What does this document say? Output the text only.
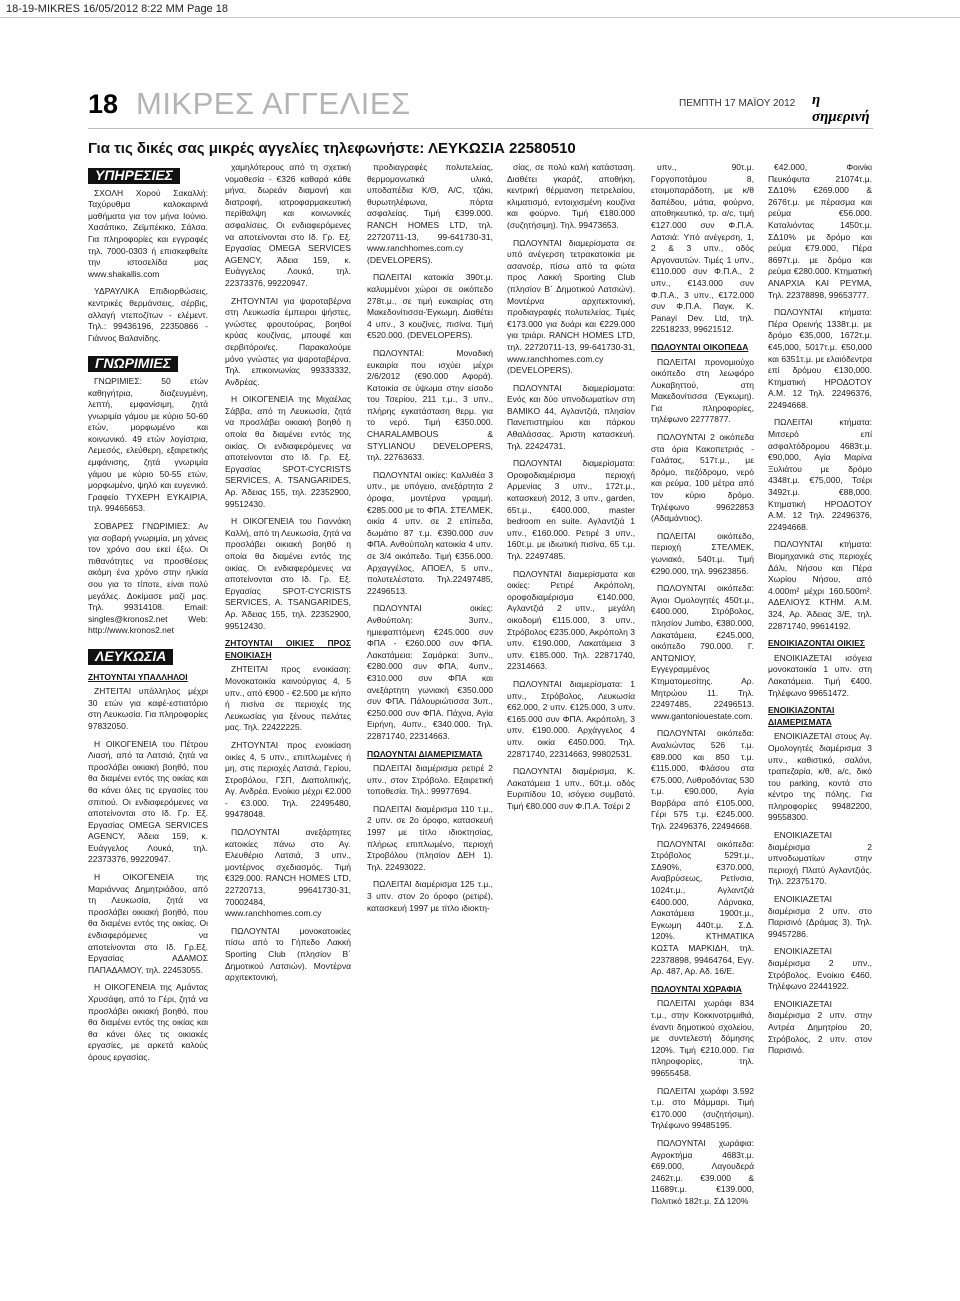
18-19-MIKRES 16/05/2012 8:22 MM Page 18
18 ΜΙΚΡΕΣ ΑΓΓΕΛΙΕΣ	ΠΕΜΠΤΗ 17 ΜΑΪΟΥ 2012 η σημερινή
Για τις δικές σας μικρές αγγελίες τηλεφωνήστε: ΛΕΥΚΩΣΙΑ 22580510
ΥΠΗΡΕΣΙΕΣ

ΣΧΟΛΗ Χορού Σακαλλή: Ταχύρυθμα καλοκαιρινά μαθήματα για τον μήνα Ιούνιο. Χασάπικο, Ζεϊμπέκικο, Σάλσα. Για πληροφορίες και εγγραφές τηλ. 7000-0303 ή επισκεφθείτε την ιστοσελίδα μας www.shakallis.com

ΥΔΡΑΥΛΙΚΑ Επιδιορθώσεις, κεντρικές θερμάνσεις, σέρβις, αλλαγή ντεποζίτων - ελέμεντ. Τηλ.: 99436196, 22350866 - Γιάννος Βαλανίδης.

ΓΝΩΡΙΜΙΕΣ

ΓΝΩΡΙΜΙΕΣ: 50 ετών καθηγήτρια, διαζευγμένη, λεπτή, εμφανίσιμη, ζητά γνωριμία γάμου με κύριο 50-60 ετών, μορφωμένο και κοινωνικό. 49 ετών λογίστρια, Λεμεσός, ελεύθερη, εξαιρετικής εμφάνισης, ζητά γνωριμία γάμου με κύριο 50-55 ετών, μορφωμένο, ψηλό και ευγενικό. Γραφείο ΤΥΧΕΡΗ ΕΥΚΑΙΡΙΑ, τηλ. 99465653.

ΣΟΒΑΡΕΣ ΓΝΩΡΙΜΙΕΣ: Αν για σοβαρή γνωριμία, μη χάνεις τον χρόνο σου εκεί έξω. Οι πιθανότητες να προσθέσεις ακόμη ένα χρόνο στην ηλικία σου για το τίποτε, είναι πολύ μεγάλες. Δοκίμασε μαζί μας. Τηλ. 99314108. Email: singles@kronos2.net Web: http://www.kronos2.net

ΛΕΥΚΩΣΙΑ
ΖΗΤΟΥΝΤΑΙ ΥΠΑΛΛΗΛΟΙ

ΖΗΤΕΙΤΑΙ υπάλληλος μέχρι 30 ετών για καφέ-εστιατόριο στη Λευκωσία. Για πληροφορίες 97832050.

Η ΟΙΚΟΓΕΝΕΙΑ του Πέτρου Λιασή, από τα Λατσιά, ζητά να προσλάβει οικιακή βοηθό, που θα διαμένει εντός της οικίας και θα κάνει όλες τις εργασίες του σπιτιού. Οι ενδιαφερόμενες να αποτείνονται στο Ιδ. Γρ. Εξ. Εργασίας OMEGA SERVICES AGENCY, Άδεια 159, κ. Ευάγγελος Λουκά, τηλ. 22373376, 99220947.

Η ΟΙΚΟΓΕΝΕΙΑ της Μαριάννας Δημητριάδου, από τη Λευκωσία, ζητά να προσλάβει οικιακή βοηθό, που θα διαμένει εντός της οικίας. Οι ενδιαφερόμενες να αποτείνονται στο Ιδ. Γρ.Εξ. Εργασίας ΑΔΑΜΟΣ ΠΑΠΑΔΑΜΟΥ, τηλ. 22453055.

Η ΟΙΚΟΓΕΝΕΙΑ της Αμάντας Χρυσάφη, από το Γέρι, ζητά να προσλάβει οικιακή βοηθό, που θα διαμένει εντός της οικίας και θα κάνει όλες τις οικιακές εργασίες, με αρκετά καλούς όρους εργασίας.

χαμηλότερους από τη σχετική νομοθεσία - €326 καθαρά κάθε μήνα, δωρεάν διαμονή και διατροφή, ιατροφαρμακευτική περίθαλψη και κοινωνικές ασφαλίσεις. Οι ενδιαφερόμενες να αποτείνονται στο Ιδ. Γρ. Εξ. Εργασίας OMEGA SERVICES AGENCY, Άδεια 159, κ. Ευάγγελος Λουκά, τηλ. 22373376, 99220947.

ΖΗΤΟΥΝΤΑΙ για ψαροταβέρνα στη Λευκωσία έμπειροι ψήστες, γνώστες φρουτούρας, βοηθοί κρύας κουζίνας, μπουφέ και σερβιτόροι/ες. Παρακαλούμε μόνο γνώστες για ψαροταβέρνα. Τηλ. επικοινωνίας 99333332, Ανδρέας.

Η ΟΙΚΟΓΕΝΕΙΑ της Μιχαέλας Σάββα, από τη Λευκωσία, ζητά να προσλάβει οικιακή βοηθό η οποία θα διαμένει εντός της οικίας. Οι ενδιαφερόμενες να αποτείνονται στο Ιδ. Γρ. Εξ. Εργασίας SPOT-CYCRISTS SERVICES, A. TSANGARIDES, Αρ. Άδειας 155, τηλ. 22352900, 99512430.

Η ΟΙΚΟΓΕΝΕΙΑ του Γιαννάκη Καλλή, από τη Λευκωσία, ζητά να προσλάβει οικιακή βοηθό η οποία θα διαμένει εντός της οικίας. Οι ενδιαφερόμενες να αποτείνονται στο Ιδ. Γρ. Εξ. Εργασίας SPOT-CYCRISTS SERVICES, A. TSANGARIDES, Αρ. Άδειας 155, τηλ. 22352900, 99512430.

ΖΗΤΟΥΝΤΑΙ ΟΙΚΙΕΣ ΠΡΟΣ ΕΝΟΙΚΙΑΣΗ

ΖΗΤΕΙΤΑΙ προς ενοικίαση: Μονοκατοικία καινούργιας 4, 5 υπν., από €900 - €2.500 με κήπο ή πισίνα σε περιοχές της Λευκωσίας για ξένους πελάτες μας. Τηλ. 22422225.

ΖΗΤΟΥΝΤΑΙ προς ενοικίαση οικίες 4, 5 υπν., επιπλωμένες ή μη, στις περιοχές Λατσιά, Γερίου, Στροβόλου, ΓΣΠ, Διαπολιτικής, Αγ. Ανδρέα. Ενοίκιο μέχρι €2.000 - €3.000. Τηλ. 22495480, 99478048.

ΠΩΛΟΥΝΤΑΙ ανεξάρτητες κατοικίες πάνω στο Αγ. Ελευθέριο Λατσιά, 3 υπν., μοντέρνος σχεδιασμός. Τιμή €329.000. RANCH HOMES LTD, 22720713, 99641730-31, 70002484, www.ranchhomes.com.cy

ΠΩΛΟΥΝΤΑΙ μονοκατοικίες πίσω από το Γήπεδο Λακκή Sporting Club (πλησίον Β΄ Δημοτικού Λατσιών). Μοντέρνα αρχιτεκτονική,

προδιαγραφές πολυτελείας, θερμομονωτικά υλικά, υποδαπέδια Κ/Θ, A/C, τζάκι, θυρωτηλέφωνα, πόρτα ασφαλείας. Τιμή €399.000. RANCH HOMES LTD, τηλ. 22720711-13, 99-641730-31, www.ranchhomes.com.cy (DEVELOPERS).

ΠΩΛΕΙΤΑΙ κατοικία 390τ.μ. καλυμμένοι χώροι σε οικόπεδο 278τ.μ., σε τιμή ευκαιρίας στη Μακεδονίτισσα-Έγκωμη. Διαθέτει 4 υπν., 3 κουζίνες, πισίνα. Τιμή €520.000. (DEVELOPERS).

ΠΩΛΟΥΝΤΑΙ: Μοναδική ευκαιρία που ισχύει μέχρι 2/6/2012 (€90.000 Αφορά). Κατοικία σε ύψωμα στην είσοδο του Τσερίου, 211 τ.μ., 3 υπν., πλήρης εγκατάσταση θερμ. για το νερό. Τιμή €350.000. CHARALAMBOUS & STYLIANOU DEVELOPERS, τηλ. 22763633.

ΠΩΛΟΥΝΤΑΙ οικίες: Καλλιθέα 3 υπν., με υπόγειο, ανεξάρτητα 2 όροφα, μοντέρνα γραμμή. €285.000 με το ΦΠΑ. ΣΤΕΛΜΕΚ, οικία 4 υπν. σε 2 επίπεδα, δωμάτιο 87 τ.μ. €390.000 συν ΦΠΑ. Ανθούπολη κατοικία 4 υπν. σε 3/4 οικόπεδο. Τιμή €356.000. Αρχαγγέλος, ΑΠΟΕΛ, 5 υπν., πολυτελέστατο. Τηλ.22497485, 22496513.

ΠΩΛΟΥΝΤΑΙ οικίες: Ανθούπολη: 3υπν., ημιεφαπτόμενη €245.000 συν ΦΠΑ - €260.000 συν ΦΠΑ. Λακατάμεια: Σαμάρκα: 3υπν., €280.000 συν ΦΠΑ, 4υπν., €310.000 συν ΦΠΑ και ανεξάρτητη γωνιακή €350.000 συν ΦΠΑ. Πάλουριώτισσα 3υπ., €250.000 συν ΦΠΑ. Πάχνα, Αγία Ειρήνη, 4υπν., €340.000. Τηλ. 22871740, 22314663.

ΠΩΛΟΥΝΤΑΙ ΔΙΑΜΕΡΙΣΜΑΤΑ

ΠΩΛΕΙΤΑΙ διαμέρισμα ρετιρέ 2 υπν., στον Στρόβολο. Εξαιρετική τοποθεσία. Τηλ.: 99977694.

ΠΩΛΕΙΤΑΙ διαμέρισμα 110 τ.μ., 2 υπν. σε 2ο όροφο, κατασκευή 1997 με τίτλο ιδιοκτησίας, πλήρως επιπλωμένο, περιοχή Στροβόλου (πλησίον ΔΕΗ 1). Τηλ. 22493022.

ΠΩΛΕΙΤΑΙ διαμέρισμα 125 τ.μ., 3 υπν. στον 2ο όροφο (ρετιρέ), κατασκευή 1997 με τίτλο ιδιοκτη-

σίας, σε πολύ καλή κατάσταση. Διαθέτει γκαράζ, αποθήκη, κεντρική θέρμανση πετρελαίου, κλιματισμό, εντοιχισμένη κουζίνα και φούρνο. Τιμή €180.000 (συζητήσιμη). Τηλ. 99473653.

ΠΩΛΟΥΝΤΑΙ διαμερίσματα σε υπό ανέγερση τετρακατοικία με ασανσέρ, πίσω από τα φώτα προς Λακκή Sporting Club (πλησίον Β΄ Δημοτικού Λατσιών). Μοντέρνα αρχιτεκτονική, προδιαγραφές πολυτελείας. Τιμές €173.000 για δυάρι και €229.000 για τριάρι. RANCH HOMES LTD, τηλ. 22720711-13, 99-641730-31, www.ranchhomes.com.cy (DEVELOPERS).

ΠΩΛΟΥΝΤΑΙ διαμερίσματα: Ενός και δύο υπνοδωματίων στη BAMIKO 44, Αγλαντζιά, πλησίον Πανεπιστημίου και πάρκου Αθαλάσσας. Άριστη κατασκευή. Τηλ. 22424731.

ΠΩΛΟΥΝΤΑΙ διαμερίσματα: Ορoφοδιαμέρισμα περιοχή Αρμενίας 3 υπν., 172τ.μ., κατασκευή 2012, 3 υπν., garden, 65τ.μ., €400.000, master bedroom en suite. Αγλαντζιά 1 υπν., €160.000. Ρετιρέ 3 υπν., 160τ.μ. με ιδιωτική πισίνα, 65 τ.μ. Τηλ. 22497485.

ΠΩΛΟΥΝΤΑΙ διαμερίσματα και οικίες: Ρετιρέ Ακρόπολη, ορoφοδιαμέρισμα €140.000, Αγλαντζιά 2 υπν., μεγάλη οικοδομή €115.000, 3 υπν., Στρόβολος €235.000, Ακρόπολη 3 υπν. €190.000, Λακατάμεια 3 υπν. €185.000. Τηλ. 22871740, 22314663.

ΠΩΛΟΥΝΤΑΙ διαμερίσματα: 1 υπν., Στρόβολος, Λευκωσία €62.000, 2 υπν. €125.000, 3 υπν. €165.000 συν ΦΠΑ. Ακρόπολη, 3 υπν. €190.000. Αρχάγγελος 4 υπν. οικία €450.000. Τηλ. 22871740, 22314663, 99802531.

ΠΩΛΟΥΝΤΑΙ διαμέρισμα, Κ. Λακατάμεια 1 υπν., 60τ.μ. οδός Ευριπίδου 10, ισόγειο συμβατό. Τιμή €80.000 συν Φ.Π.Α. Τσέρι 2

υπν., 90τ.μ. Γοργοποτάμου 8, ετοιμοπαράδοτη, με κ/θ δαπέδου, μάτια, φούρνο, αποθηκευτικό, τρ. α/c, τιμή €127.000 συν Φ.Π.Α. Λατσιά: Υπό ανέγερση, 1, 2 & 3 υπν., οδός Αργοναυτών. Τιμές 1 υπν., €110.000 συν Φ.Π.Α., 2 υπν., €143.000 συν Φ.Π.Α., 3 υπν., €172.000 συν Φ.Π.Α. Παγκ. Κ. Panayi Dev. Ltd, τηλ. 22518233, 99621512.

ΠΩΛΟΥΝΤΑΙ ΟΙΚΟΠΕΔΑ

ΠΩΛΕΙΤΑΙ προνομιούχο οικόπεδο στη λεωφόρο Λυκαβηττού, στη Μακεδονίτισσα (Έγκωμη). Για πληροφορίες, τηλέφωνο 22777877.

ΠΩΛΟΥΝΤΑΙ 2 οικόπεδα στα όρια Κακοπετριάς - Γαλάτας, 517τ.μ., με δρόμο, πεζόδρομο, νερό και ρεύμα, 100 μέτρα από τον κύριο δρόμο. Τηλέφωνο 99622853 (Αδαμάντιος).

ΠΩΛΕΙΤΑΙ οικόπεδο, περιοχή ΣΤΕΛΜΕΚ, γωνιακό, 540τ.μ. Τιμή €290.000, τηλ. 99623856.

ΠΩΛΟΥΝΤΑΙ οικόπεδα: Άγιοι Ομολογητές 450τ.μ., €400.000, Στρόβολος, πλησίον Jumbo, €380.000, Λακατάμεια, €245.000, οικόπεδο 790.000. Γ. ΑΝΤΩΝΙΟΥ, Εγγεγραμμένος Κτηματομεσίτης. Αρ. Μητρώου 11. Τηλ. 22497485, 22496513. www.gantoniouestate.com.

ΠΩΛΟΥΝΤΑΙ οικόπεδα: Αναλιώντας 526 τ.μ. €89.000 και 850 τ.μ. €115.000, Φλάσου στα €75.000, Λυθροδόντας 530 τ.μ. €90.000, Αγία Βαρβάρα από €105.000, Γέρι 575 τ.μ. €245.000. Τηλ. 22496376, 22494668.

ΠΩΛΟΥΝΤΑΙ οικόπεδα: Στρόβολος 529τ.μ., ΣΔ90%, €370.000, Αναβρύσεως, Ρετίνσια, 1024τ.μ., Αγλαντζιά €400.000, Λάρνακα, Λακατάμεια 1900τ.μ., Εγκωμη 440τ.μ. Σ.Δ. 120%. ΚΤΗΜΑΤΙΚΑ ΚΩΣΤΑ ΜΑΡΚΙΔΗ, τηλ. 22378898, 99464764, Εγγ. Αρ. 487, Αρ. Αδ. 16/Ε.

ΠΩΛΟΥΝΤΑΙ ΧΩΡΑΦΙΑ

ΠΩΛΕΙΤΑΙ χωράφι 834 τ.μ., στην Κοκκινοτριμιθιά, έναντι δημοτικού σχολείου, με συντελεστή δόμησης 120%. Τιμή €210.000. Για πληροφορίες, τηλ. 99655458.

ΠΩΛΕΙΤΑΙ χωράφι 3.592 τ.μ. στο Μάμμαρι. Τιμή €170.000 (συζητήσιμη). Τηλέφωνο 99485195.

ΠΩΛΟΥΝΤΑΙ χωράφια: Αγροκτήμα 4683τ.μ. €69.000, Λαγουδερά 2462τ.μ. €39.000 & 11689τ.μ. €139.000, Πολιτικό 182τ.μ. ΣΔ 120%

€42.000, Φοινίκι Πευκόφυτα 21074τ.μ. ΣΔ10% €269.000 & 2676τ.μ. με πέρασμα και ρεύμα €56.000. Καταλιόντας 1450τ.μ. ΣΔ10% με δρόμο και ρεύμα €79.000, Πέρα 8697τ.μ. με δρόμο και ρεύμα €280.000. Κτηματική ΑΝΑΡΧΙΑ ΚΑΙ ΡΕΥΜΑ, Τηλ. 22378898, 99653777.

ΠΩΛΟΥΝΤΑΙ κτήματα: Πέρα Ορεινής 1338τ.μ. με δρόμο €35,000, 1672τ.μ. €45,000, 5017τ.μ. €50,000 και 6351τ.μ. με ελαιόδεντρα επί δρόμου €130,000. Κτηματική ΗΡΟΔΟΤΟΥ Α.Μ. 12 Τηλ. 22496376, 22494668.

ΠΩΛΕΙΤΑΙ κτήματα: Μιτσερό επί ασφαλτόδρομου 4683τ.μ. €90,000, Αγία Μαρίνα Ξυλιάτου με δρόμο 4348τ.μ. €75,000, Τσέρι 3492τ.μ. €88,000. Κτηματική ΗΡΟΔΟΤΟΥ Α.Μ. 12 Τηλ. 22496376, 22494668.

ΠΩΛΟΥΝΤΑΙ κτήματα: Βιομηχανικά στις περιοχές Δάλι, Νήσου και Πέρα Χωρίου Νήσου, από 4.000m² μέχρι 160.500m². ΑΔΕΛΙΟΥΣ ΚΤΗΜ. Α.Μ. 324, Αρ. Άδειας 3/Ε, τηλ. 22871740, 99614192.

ΕΝΟΙΚΙΑΖΟΝΤΑΙ ΟΙΚΙΕΣ

ΕΝΟΙΚΙΑΖΕΤΑΙ ισόγεια μονοκατοικία 1 υπν. στη Λακατάμεια. Τιμή €400. Τηλέφωνο 99651472.

ΕΝΟΙΚΙΑΖΟΝΤΑΙ ΔΙΑΜΕΡΙΣΜΑΤΑ

ΕΝΟΙΚΙΑΖΕΤΑΙ στους Αγ. Ομολογητές διαμέρισμα 3 υπν., καθιστικό, σαλόνι, τραπεζαρία, κ/θ, a/c, δικό του parking, κοντά στο κέντρο της πόλης. Για πληροφορίες 99482200, 99558300.

ΕΝΟΙΚΙΑΖΕΤΑΙ διαμέρισμα 2 υπνοδωματίων στην περιοχή Πλατύ Αγλαντζιάς. Τηλ. 22375170.

ΕΝΟΙΚΙΑΖΕΤΑΙ διαμέρισμα 2 υπν. στο Παρισινό (Δράμας 3). Τηλ. 99457286.

ΕΝΟΙΚΙΑΖΕΤΑΙ διαμέρισμα 2 υπν., Στρόβολος. Ενοίκιο €460. Τηλέφωνο 22441922.

ΕΝΟΙΚΙΑΖΕΤΑΙ διαμέρισμα 2 υπν. στην Αντρέα Δημητρίου 20, Στρόβολος, 2 υπν. στον Παρισινό.
